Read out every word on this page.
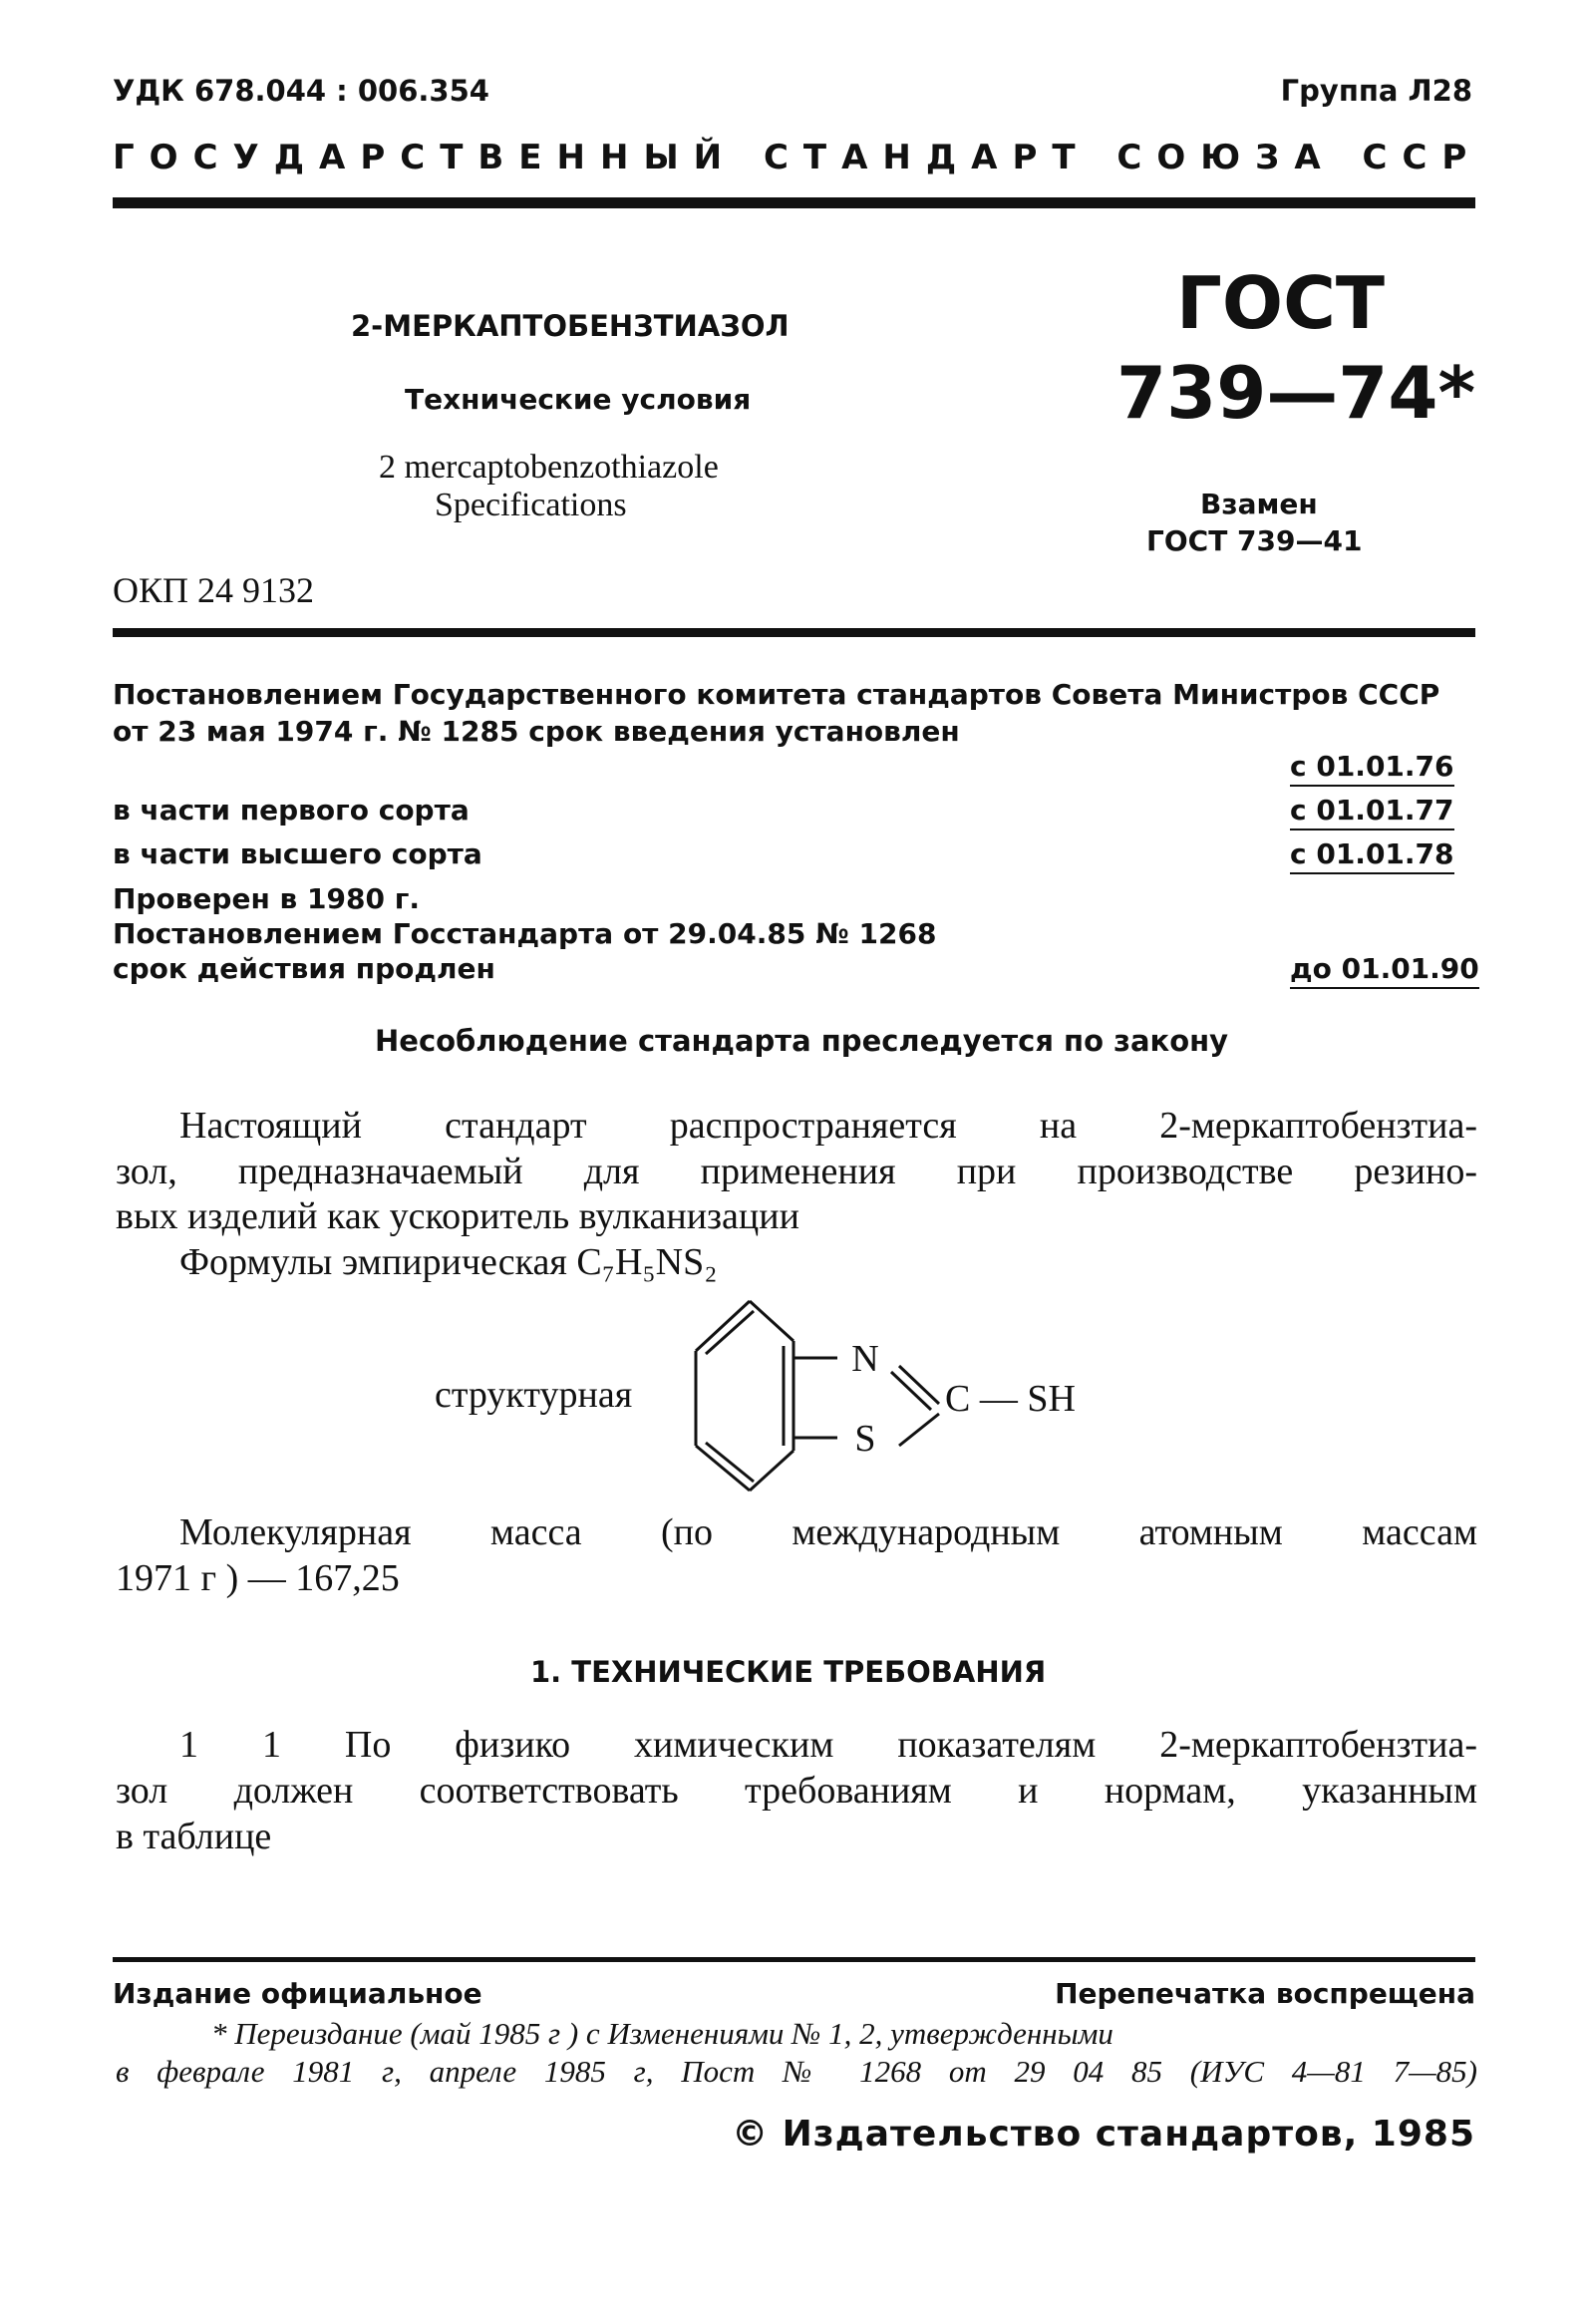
УДК 678.044 : 006.354	Группа Л28
ГОСУДАРСТВЕННЫЙ СТАНДАРТ СОЮЗА ССР
2-МЕРКАПТОБЕНЗТИАЗОЛ
Технические условия
2 mercaptobenzothiazole
Specifications
ОКП 24 9132
ГОСТ
739—74*
Взамен
ГОСТ 739—41
Постановлением Государственного комитета стандартов Совета Министров СССР
от 23 мая 1974 г. № 1285 срок введения установлен
с 01.01.76
в части первого сорта	с 01.01.77
в части высшего сорта	с 01.01.78
Проверен в 1980 г.
Постановлением Госстандарта от 29.04.85 № 1268
срок действия продлен	до 01.01.90
Несоблюдение стандарта преследуется по закону
Настоящий стандарт распространяется на 2-меркаптобензтиа-
зол, предназначаемый для применения при производстве резино-
вых изделий как ускоритель вулканизации
Формулы эмпирическая C₇H₅NS₂
структурная
N
S
C — SH
Молекулярная масса (по международным атомным массам
1971 г ) — 167,25
1. ТЕХНИЧЕСКИЕ ТРЕБОВАНИЯ
1 1 По физико химическим показателям 2-меркаптобензтиа-
зол должен соответствовать требованиям и нормам, указанным
в таблице
Издание официальное	Перепечатка воспрещена
* Переиздание (май 1985 г ) с Изменениями № 1, 2, утвержденными
в феврале 1981 г, апреле 1985 г, Пост № 1268 от 29 04 85 (ИУС 4—81 7—85)
© Издательство стандартов, 1985
